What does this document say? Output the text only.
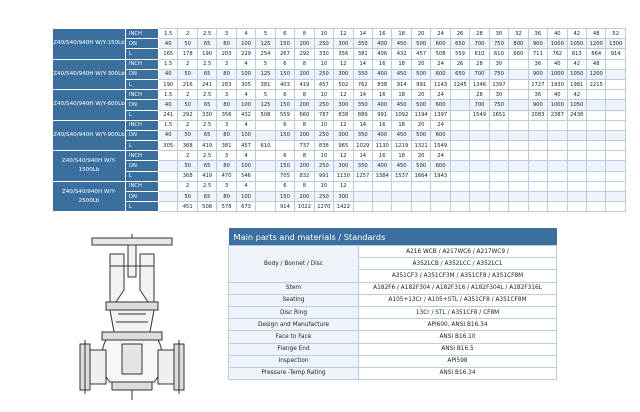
Z40/S40/940H W/Y-150Lb	INCH	1.5	2	2.5	3	4	5	6	8	10	12	14	16	18	20	24	26	28	30	32	36	40	42	48	52
	DN	40	50	65	80	100	125	150	200	250	300	350	400	450	500	600	650	700	750	800	900	1000	1050	1200	1300
	L	165	178	190	203	229	254	267	292	330	356	381	406	432	457	508	559	610	610	660	711	762	813	864	914
Z40/S40/940H W/Y-300Lb	INCH	1.5	2	2.5	3	4	5	6	8	10	12	14	16	18	20	24	26	28	30		36	40	42	48	
	DN	40	50	65	80	100	125	150	200	250	300	350	400	450	500	600	650	700	750		900	1000	1050	1200	
	L	190	216	241	283	305	381	403	419	457	502	762	838	914	991	1143	1245	1346	1397		1727	1930	1981	2215	
Z40/S40/940H W/Y-600Lb	INCH	1.5	2	2.5	3	4	5	6	8	10	12	14	16	18	20	24		28	30		36	40	42		
	DN	40	50	65	80	100	125	150	200	250	300	350	400	450	500	600		700	750		900	1000	1050		
	L	241	292	330	356	432	508	559	660	787	838	889	991	1092	1194	1397		1549	1651		2083	2387	2438		
Z40/S40/940H W/Y-900Lb	INCH	1.5	2	2.5	3	4		6	8	10	12	14	16	18	20	24									
	DN	40	50	65	80	100		150	200	250	300	350	400	450	500	600									
	L	305	368	419	381	457	610		737	838	965	1029	1130	1219	1321	1549									
Z40/S40/940H W/Y-1500Lb	INCH		2	2.5	3	4		6	8	10	12	14	16	18	20	24									
	DN		50	65	80	100		150	200	250	300	350	400	450	500	600									
	L		368	419	470	546		705	832	991	1130	1257	1384	1537	1664	1943									
Z40/S40/940H W/Y-2500Lb	INCH		2	2.5	3	4		6	8	10	12														
	DN		50	65	80	100		150	200	250	300														
	L		451	508	578	673		914	1022	1270	1422														
Main parts and materials / Standards	
Body / Bonnet / Disc	A216 WCB / A217WC6 / A217WC9 /
	A352LCB / A352LCC / A352LC1
	A351CF3 / A351CF3M / A351CF8 / A351CF8M
Stem	A182F6 / A182F304 / A182F316 / A182F304L / A182F316L
Seating	A105+13Cr / A105+STL / A351CF8 / A351CF8M
Disc Ring	13Cr / STL / A351CF8 / CF8M
Design and Manufacture	API600, ANSI B16.34
Face to Face	ANSI B16.10
Flange End	ANSI B16.5
Inspection	API598
Pressure -Temp Rating	ANSI B16.34
